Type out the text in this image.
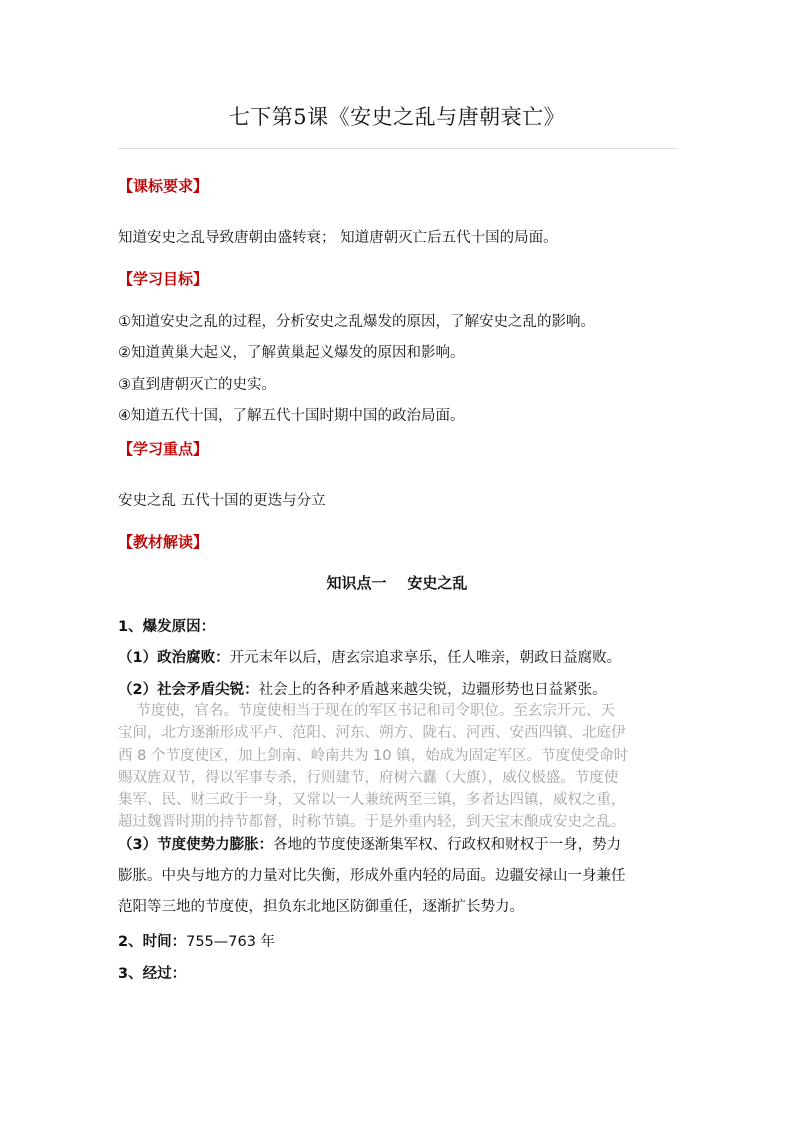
七下第5课《安史之乱与唐朝衰亡》
【课标要求】
知道安史之乱导致唐朝由盛转衰； 知道唐朝灭亡后五代十国的局面。
【学习目标】
①知道安史之乱的过程，分析安史之乱爆发的原因，了解安史之乱的影响。
②知道黄巢大起义，了解黄巢起义爆发的原因和影响。
③直到唐朝灭亡的史实。
④知道五代十国，了解五代十国时期中国的政治局面。
【学习重点】
安史之乱 五代十国的更迭与分立
【教材解读】
知识点一    安史之乱
1、爆发原因：
（1）政治腐败：开元末年以后，唐玄宗追求享乐，任人唯亲，朝政日益腐败。
（2）社会矛盾尖锐：社会上的各种矛盾越来越尖锐，边疆形势也日益紧张。
节度使，官名。节度使相当于现在的军区书记和司令职位。至玄宗开元、天
宝间，北方逐渐形成平卢、范阳、河东、朔方、陇右、河西、安西四镇、北庭伊
西 8 个节度使区，加上剑南、岭南共为 10 镇，始成为固定军区。节度使受命时
赐双旌双节，得以军事专杀，行则建节，府树六纛（大旗），威仪极盛。节度使
集军、民、财三政于一身，又常以一人兼统两至三镇，多者达四镇，威权之重，
超过魏晋时期的持节都督，时称节镇。于是外重内轻，到天宝末酿成安史之乱。
（3）节度使势力膨胀：各地的节度使逐渐集军权、行政权和财权于一身，势力
膨胀。中央与地方的力量对比失衡，形成外重内轻的局面。边疆安禄山一身兼任
范阳等三地的节度使，担负东北地区防御重任，逐渐扩长势力。
2、时间：755—763 年
3、经过：
